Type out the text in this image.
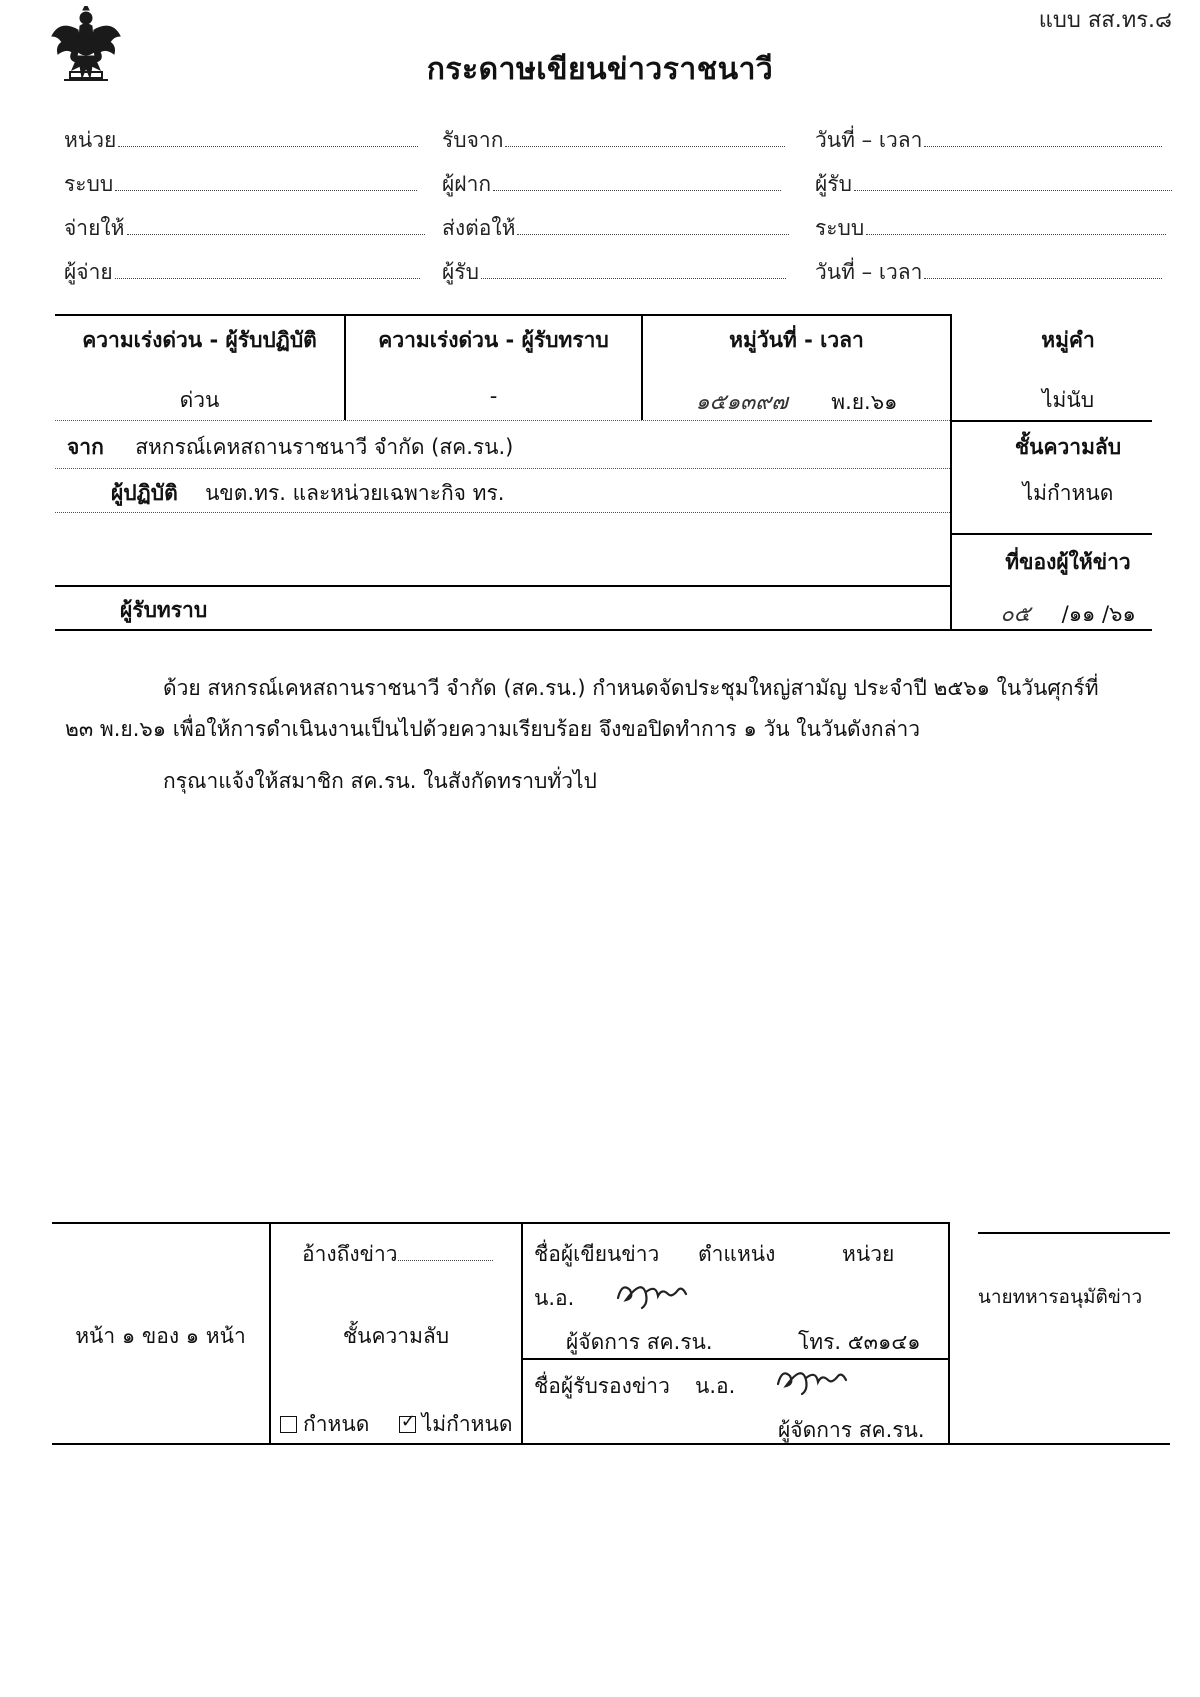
แบบ สส.ทร.๘
กระดาษเขียนข่าวราชนาวี
หน่วย	รับจาก	วันที่ – เวลา
ระบบ	ผู้ฝาก	ผู้รับ
จ่ายให้	ส่งต่อให้	ระบบ
ผู้จ่าย	ผู้รับ	วันที่ – เวลา
ความเร่งด่วน - ผู้รับปฏิบัติ	ความเร่งด่วน - ผู้รับทราบ	หมู่วันที่ - เวลา	หมู่คำ
ด่วน	-	๑๕๑๓๙๗ พ.ย.๖๑	ไม่นับ
จาก สหกรณ์เคหสถานราชนาวี จำกัด (สค.รน.)
ผู้ปฏิบัติ นขต.ทร. และหน่วยเฉพาะกิจ ทร.
ผู้รับทราบ
ชั้นความลับ
ไม่กำหนด
ที่ของผู้ให้ข่าว
๐๕ /๑๑ /๖๑
ด้วย สหกรณ์เคหสถานราชนาวี จำกัด (สค.รน.) กำหนดจัดประชุมใหญ่สามัญ ประจำปี ๒๕๖๑ ในวันศุกร์ที่
๒๓ พ.ย.๖๑ เพื่อให้การดำเนินงานเป็นไปด้วยความเรียบร้อย จึงขอปิดทำการ ๑ วัน ในวันดังกล่าว
กรุณาแจ้งให้สมาชิก สค.รน. ในสังกัดทราบทั่วไป
หน้า ๑ ของ ๑ หน้า
อ้างถึงข่าว
ชั้นความลับ
กำหนด  ✓ ไม่กำหนด
ชื่อผู้เขียนข่าว ตำแหน่ง	หน่วย
น.อ.
ผู้จัดการ สค.รน.	โทร. ๕๓๑๔๑
ชื่อผู้รับรองข่าว น.อ.
ผู้จัดการ สค.รน.
นายทหารอนุมัติข่าว
